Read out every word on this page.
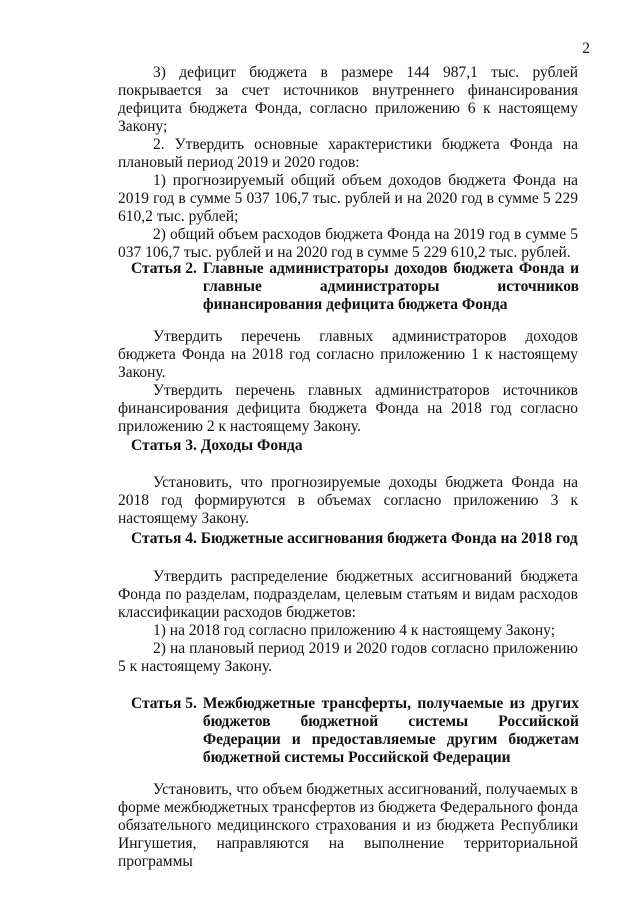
2

3) дефицит бюджета в размере 144 987,1 тыс. рублей покрывается за счет источников внутреннего финансирования дефицита бюджета Фонда, согласно приложению 6 к настоящему Закону;

2. Утвердить основные характеристики бюджета Фонда на плановый период 2019 и 2020 годов:

1) прогнозируемый общий объем доходов бюджета Фонда на 2019 год в сумме 5 037 106,7 тыс. рублей и на 2020 год в сумме 5 229 610,2 тыс. рублей;

2) общий объем расходов бюджета Фонда на 2019 год в сумме 5 037 106,7 тыс. рублей и на 2020 год в сумме 5 229 610,2 тыс. рублей.

Статья 2. Главные администраторы доходов бюджета Фонда и главные администраторы источников финансирования дефицита бюджета Фонда

Утвердить перечень главных администраторов доходов бюджета Фонда на 2018 год согласно приложению 1 к настоящему Закону.

Утвердить перечень главных администраторов источников финансирования дефицита бюджета Фонда на 2018 год согласно приложению 2 к настоящему Закону.

Статья 3. Доходы Фонда

Установить, что прогнозируемые доходы бюджета Фонда на 2018 год формируются в объемах согласно приложению 3 к настоящему Закону.

Статья 4. Бюджетные ассигнования бюджета Фонда на 2018 год

Утвердить распределение бюджетных ассигнований бюджета Фонда по разделам, подразделам, целевым статьям и видам расходов классификации расходов бюджетов:

1) на 2018 год согласно приложению 4 к настоящему Закону;

2) на плановый период 2019 и 2020 годов согласно приложению 5 к настоящему Закону.

Статья 5. Межбюджетные трансферты, получаемые из других бюджетов бюджетной системы Российской Федерации и предоставляемые другим бюджетам бюджетной системы Российской Федерации

Установить, что объем бюджетных ассигнований, получаемых в форме межбюджетных трансфертов из бюджета Федерального фонда обязательного медицинского страхования и из бюджета Республики Ингушетия, направляются на выполнение территориальной программы
